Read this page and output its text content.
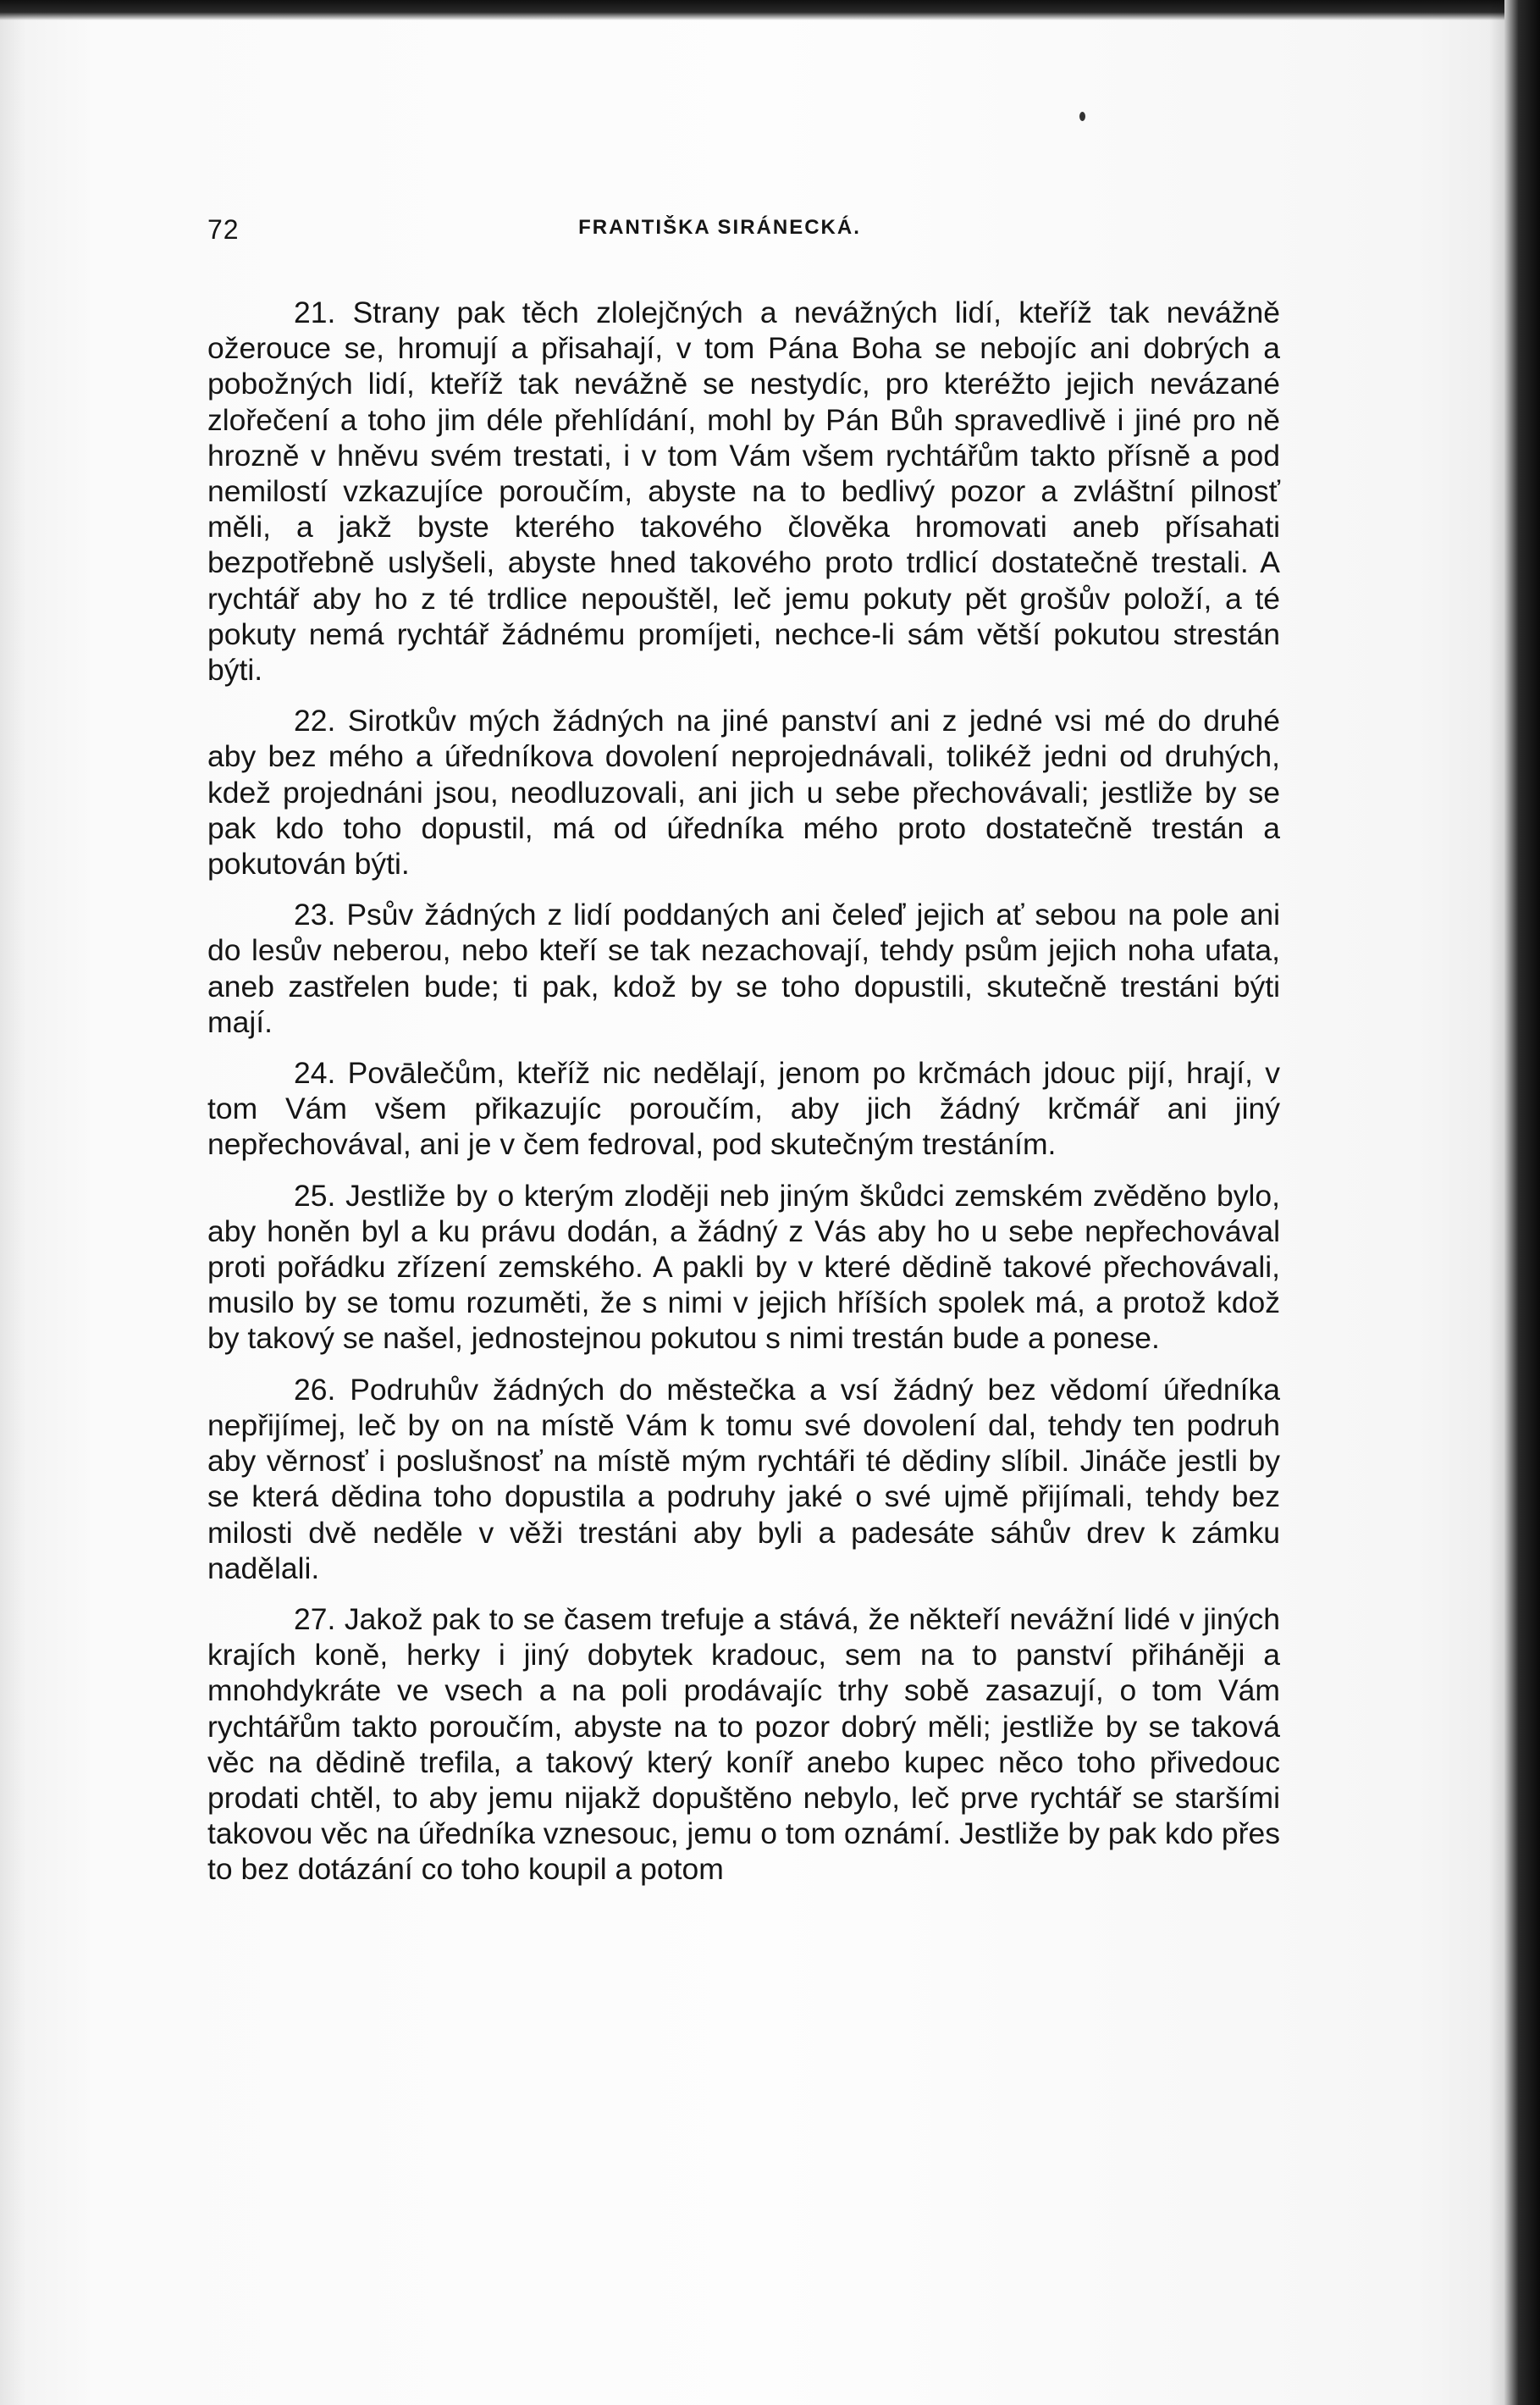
72	FRANTIŠKA SIRÁNECKÁ.

21. Strany pak těch zlolejčných a nevážných lidí, kteříž tak nevážně ožerouce se, hromují a přisahají, v tom Pána Boha se nebojíc ani dobrých a pobožných lidí, kteříž tak nevážně se nestydíc, pro kteréžto jejich nevázané zlořečení a toho jim déle přehlídání, mohl by Pán Bůh spravedlivě i jiné pro ně hrozně v hněvu svém trestati, i v tom Vám všem rychtářům takto přísně a pod nemilostí vzkazujíce poroučím, abyste na to bedlivý pozor a zvláštní pilnosť měli, a jakž byste kterého takového člověka hromovati aneb přísahati bezpotřebně uslyšeli, abyste hned takového proto trdlicí dostatečně trestali. A rychtář aby ho z té trdlice nepouštěl, leč jemu pokuty pět grošův položí, a té pokuty nemá rychtář žádnému promíjeti, nechce-li sám větší pokutou strestán býti.

22. Sirotkův mých žádných na jiné panství ani z jedné vsi mé do druhé aby bez mého a úředníkova dovolení neprojednávali, tolikéž jedni od druhých, kdež projednáni jsou, neodluzovali, ani jich u sebe přechovávali; jestliže by se pak kdo toho dopustil, má od úředníka mého proto dostatečně trestán a pokutován býti.

23. Psův žádných z lidí poddaných ani čeleď jejich ať sebou na pole ani do lesův neberou, nebo kteří se tak nezachovají, tehdy psům jejich noha ufata, aneb zastřelen bude; ti pak, kdož by se toho dopustili, skutečně trestáni býti mají.

24. Povālečům, kteříž nic nedělají, jenom po krčmách jdouc pijí, hrají, v tom Vám všem přikazujíc poroučím, aby jich žádný krčmář ani jiný nepřechovával, ani je v čem fedroval, pod skutečným trestáním.

25. Jestliže by o kterým zloději neb jiným škůdci zemském zvěděno bylo, aby honěn byl a ku právu dodán, a žádný z Vás aby ho u sebe nepřechovával proti pořádku zřízení zemského. A pakli by v které dědině takové přechovávali, musilo by se tomu rozuměti, že s nimi v jejich hříších spolek má, a protož kdož by takový se našel, jednostejnou pokutou s nimi trestán bude a ponese.

26. Podruhův žádných do městečka a vsí žádný bez vědomí úředníka nepřijímej, leč by on na místě Vám k tomu své dovolení dal, tehdy ten podruh aby věrnosť i poslušnosť na místě mým rychtáři té dědiny slíbil. Jináče jestli by se která dědina toho dopustila a podruhy jaké o své ujmě přijímali, tehdy bez milosti dvě neděle v věži trestáni aby byli a padesáte sáhův drev k zámku nadělali.

27. Jakož pak to se časem trefuje a stává, že někteří nevážní lidé v jiných krajích koně, herky i jiný dobytek kradouc, sem na to panství přiháněji a mnohdykráte ve vsech a na poli prodávajíc trhy sobě zasazují, o tom Vám rychtářům takto poroučím, abyste na to pozor dobrý měli; jestliže by se taková věc na dědině trefila, a takový který koníř anebo kupec něco toho přivedouc prodati chtěl, to aby jemu nijakž dopuštěno nebylo, leč prve rychtář se staršími takovou věc na úředníka vznesouc, jemu o tom oznámí. Jestliže by pak kdo přes to bez dotázání co toho koupil a potom
